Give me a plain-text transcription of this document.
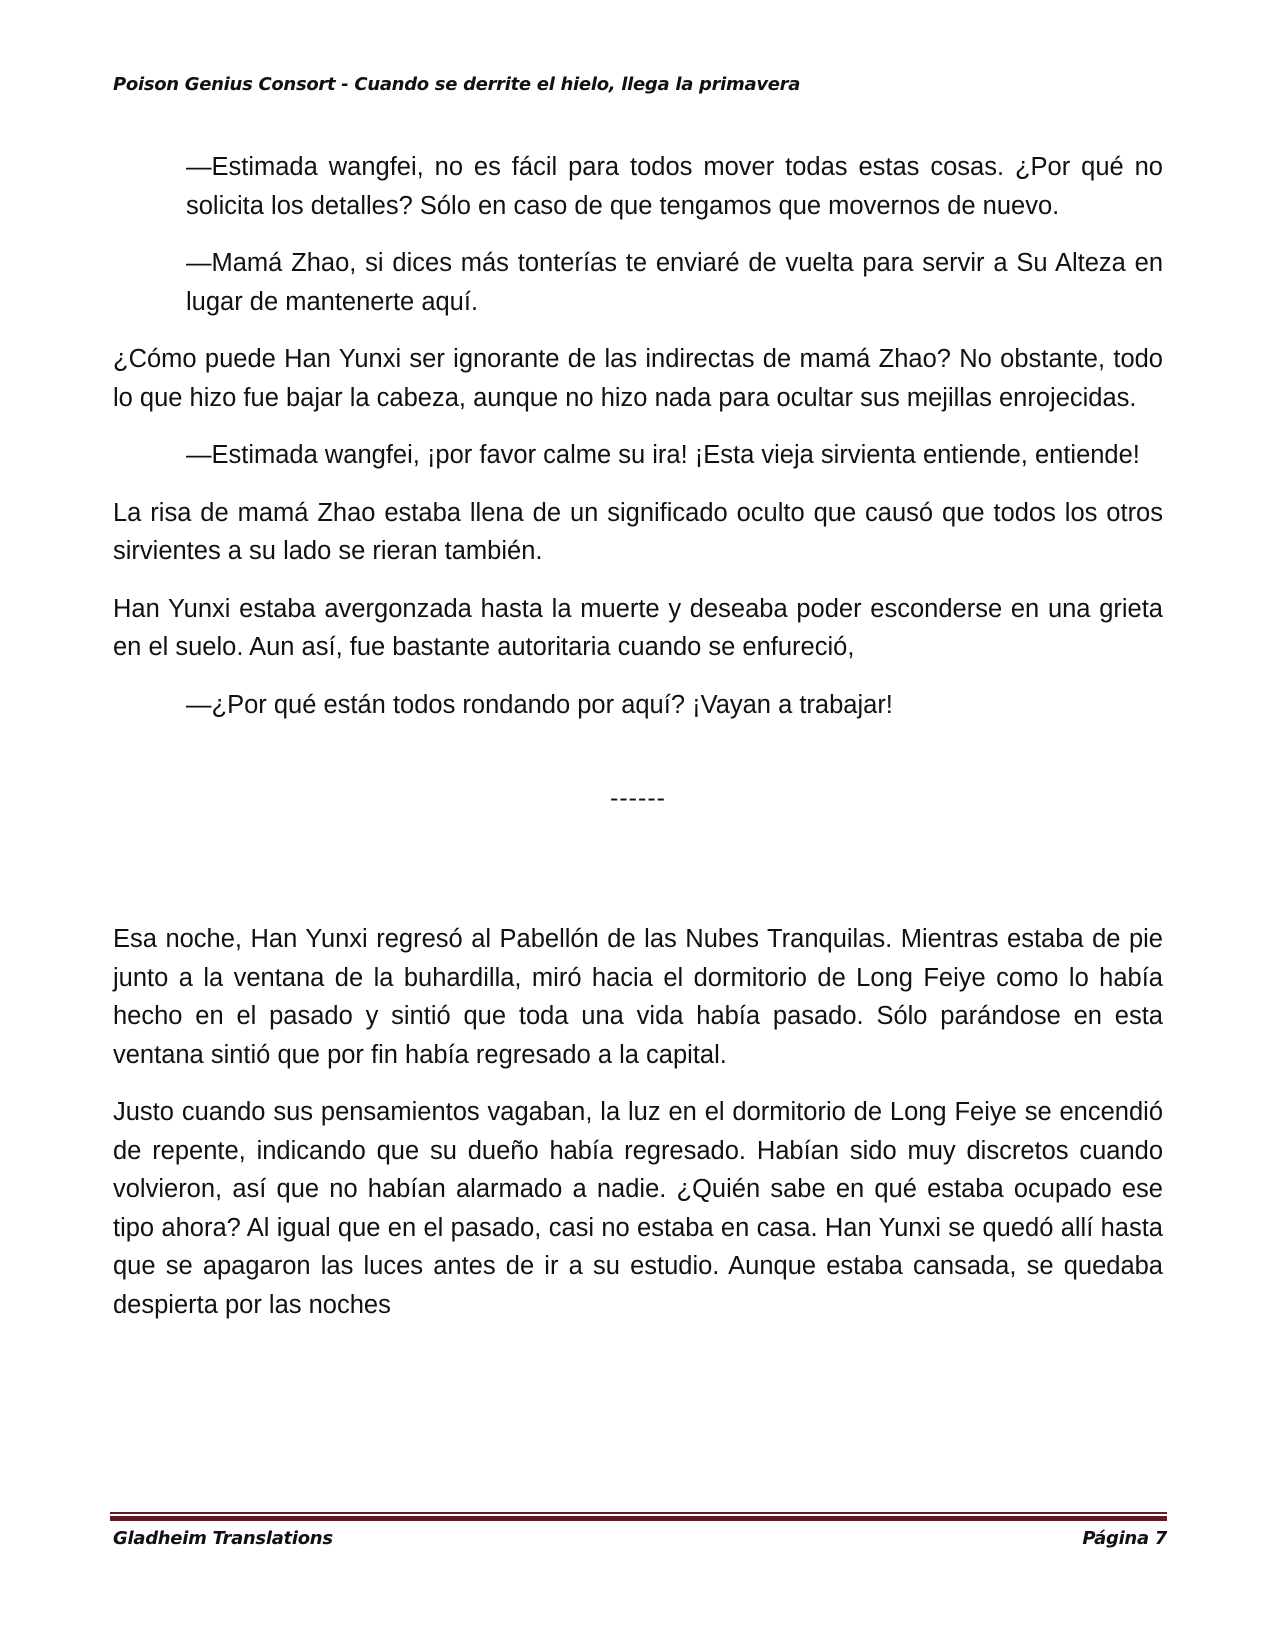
Poison Genius Consort - Cuando se derrite el hielo, llega la primavera

—Estimada wangfei, no es fácil para todos mover todas estas cosas. ¿Por qué no solicita los detalles? Sólo en caso de que tengamos que movernos de nuevo.

—Mamá Zhao, si dices más tonterías te enviaré de vuelta para servir a Su Alteza en lugar de mantenerte aquí.

¿Cómo puede Han Yunxi ser ignorante de las indirectas de mamá Zhao? No obstante, todo lo que hizo fue bajar la cabeza, aunque no hizo nada para ocultar sus mejillas enrojecidas.

—Estimada wangfei, ¡por favor calme su ira! ¡Esta vieja sirvienta entiende, entiende!

La risa de mamá Zhao estaba llena de un significado oculto que causó que todos los otros sirvientes a su lado se rieran también.

Han Yunxi estaba avergonzada hasta la muerte y deseaba poder esconderse en una grieta en el suelo. Aun así, fue bastante autoritaria cuando se enfureció,

—¿Por qué están todos rondando por aquí? ¡Vayan a trabajar!

------

Esa noche, Han Yunxi regresó al Pabellón de las Nubes Tranquilas. Mientras estaba de pie junto a la ventana de la buhardilla, miró hacia el dormitorio de Long Feiye como lo había hecho en el pasado y sintió que toda una vida había pasado. Sólo parándose en esta ventana sintió que por fin había regresado a la capital.

Justo cuando sus pensamientos vagaban, la luz en el dormitorio de Long Feiye se encendió de repente, indicando que su dueño había regresado. Habían sido muy discretos cuando volvieron, así que no habían alarmado a nadie. ¿Quién sabe en qué estaba ocupado ese tipo ahora? Al igual que en el pasado, casi no estaba en casa. Han Yunxi se quedó allí hasta que se apagaron las luces antes de ir a su estudio. Aunque estaba cansada, se quedaba despierta por las noches

Gladheim Translations	Página 7
